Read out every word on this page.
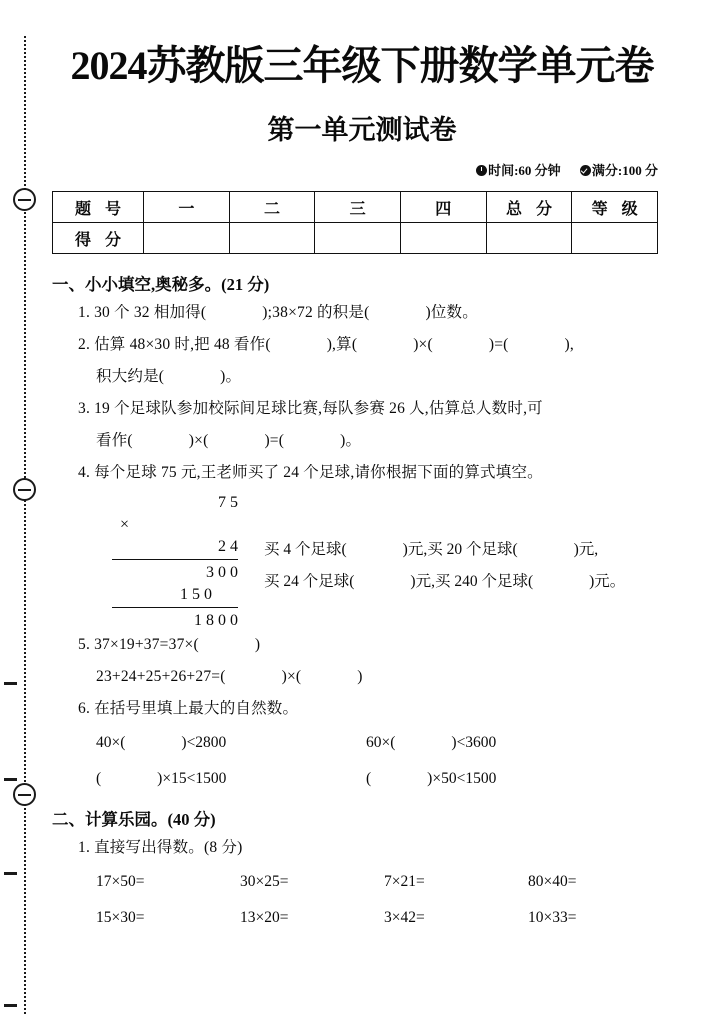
2024苏教版三年级下册数学单元卷
第一单元测试卷
时间:60 分钟 满分:100 分
题 号	一	二	三	四	总 分	等 级
得 分						
一、小小填空,奥秘多。(21 分)
1. 30 个 32 相加得(	);38×72 的积是(	)位数。
2. 估算 48×30 时,把 48 看作(	),算(	)×(	)=(	),
积大约是(	)。
3. 19 个足球队参加校际间足球比赛,每队参赛 26 人,估算总人数时,可
看作(	)×(	)=(	)。
4. 每个足球 75 元,王老师买了 24 个足球,请你根据下面的算式填空。
7 5
×
2 4
3 0 0
1 5 0
1 8 0 0
买 4 个足球(	)元,买 20 个足球(	)元,
买 24 个足球(	)元,买 240 个足球(	)元。
5. 37×19+37=37×(	)
23+24+25+26+27=(	)×(	)
6. 在括号里填上最大的自然数。
40×(	)<2800	60×(	)<3600
(	)×15<1500	(	)×50<1500
二、计算乐园。(40 分)
1. 直接写出得数。(8 分)
17×50=	30×25=	7×21=	80×40=
15×30=	13×20=	3×42=	10×33=
